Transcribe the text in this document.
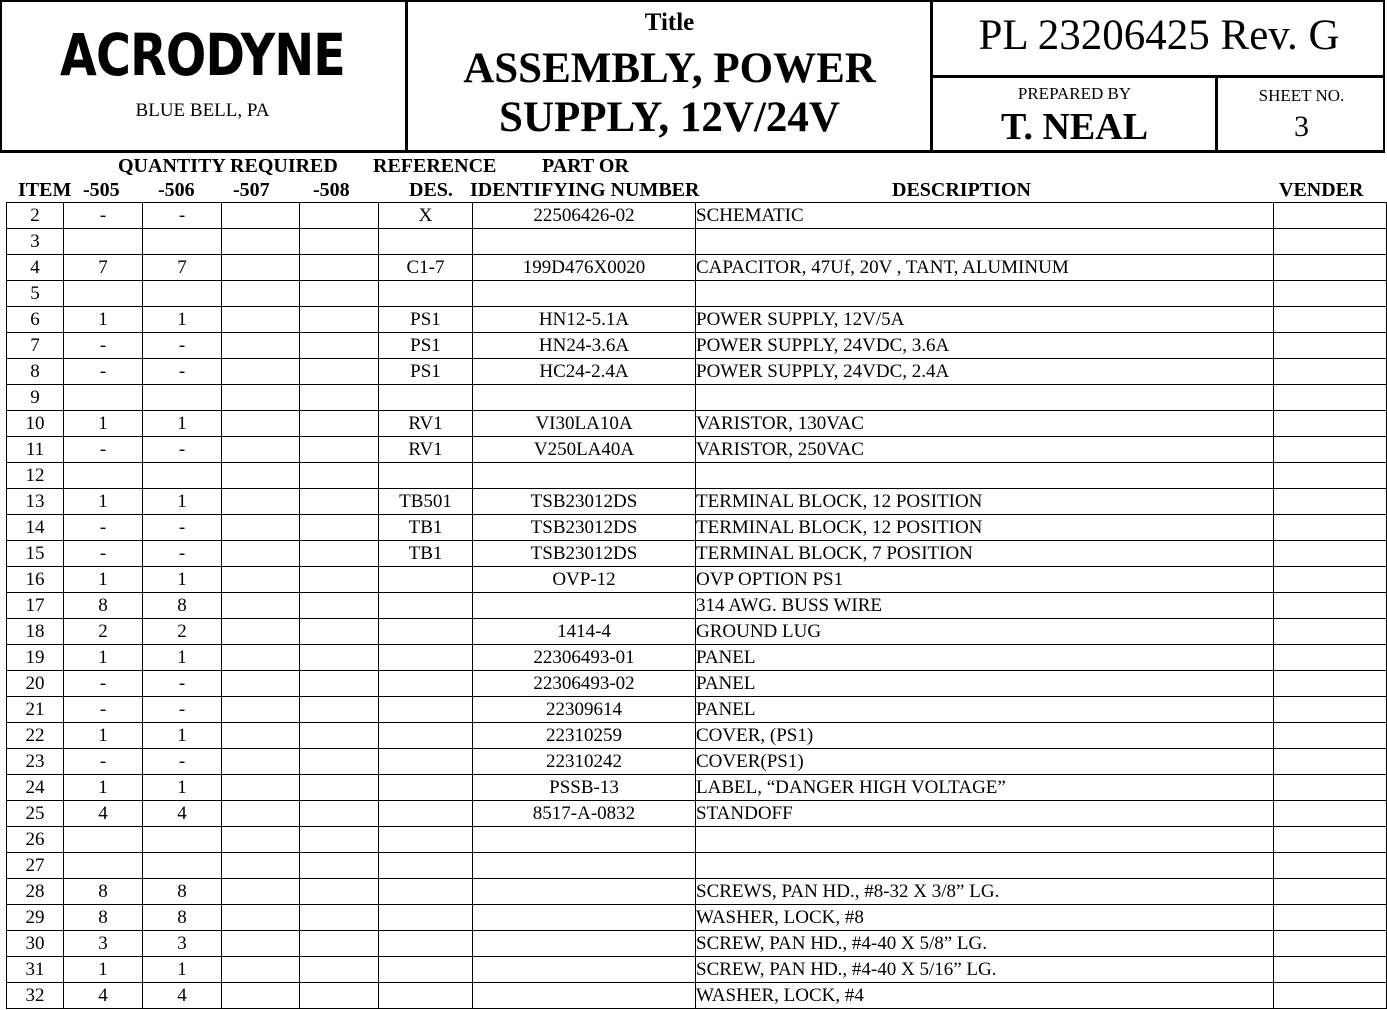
ACRODYNE
BLUE BELL, PA
Title
ASSEMBLY, POWER
SUPPLY, 12V/24V
PL 23206425 Rev. G
PREPARED BY
T. NEAL
SHEET NO.
3
QUANTITY REQUIRED REFERENCE PART OR
ITEM -505 -506 -507 -508	DES. IDENTIFYING NUMBER	DESCRIPTION	VENDER
2	-	-			X	22506426-02	SCHEMATIC	
3								
4	7	7			C1-7	199D476X0020	CAPACITOR, 47Uf, 20V , TANT, ALUMINUM	
5								
6	1	1			PS1	HN12-5.1A	POWER SUPPLY, 12V/5A	
7	-	-			PS1	HN24-3.6A	POWER SUPPLY, 24VDC, 3.6A	
8	-	-			PS1	HC24-2.4A	POWER SUPPLY, 24VDC, 2.4A	
9								
10	1	1			RV1	VI30LA10A	VARISTOR, 130VAC	
11	-	-			RV1	V250LA40A	VARISTOR, 250VAC	
12								
13	1	1			TB501	TSB23012DS	TERMINAL BLOCK, 12 POSITION	
14	-	-			TB1	TSB23012DS	TERMINAL BLOCK, 12 POSITION	
15	-	-			TB1	TSB23012DS	TERMINAL BLOCK, 7 POSITION	
16	1	1				OVP-12	OVP OPTION PS1	
17	8	8					314 AWG. BUSS WIRE	
18	2	2				1414-4	GROUND LUG	
19	1	1				22306493-01	PANEL	
20	-	-				22306493-02	PANEL	
21	-	-				22309614	PANEL	
22	1	1				22310259	COVER, (PS1)	
23	-	-				22310242	COVER(PS1)	
24	1	1				PSSB-13	LABEL, “DANGER HIGH VOLTAGE”	
25	4	4				8517-A-0832	STANDOFF	
26								
27								
28	8	8					SCREWS, PAN HD., #8-32 X 3/8” LG.	
29	8	8					WASHER, LOCK, #8	
30	3	3					SCREW, PAN HD., #4-40 X 5/8” LG.	
31	1	1					SCREW, PAN HD., #4-40 X 5/16” LG.	
32	4	4					WASHER, LOCK, #4	
